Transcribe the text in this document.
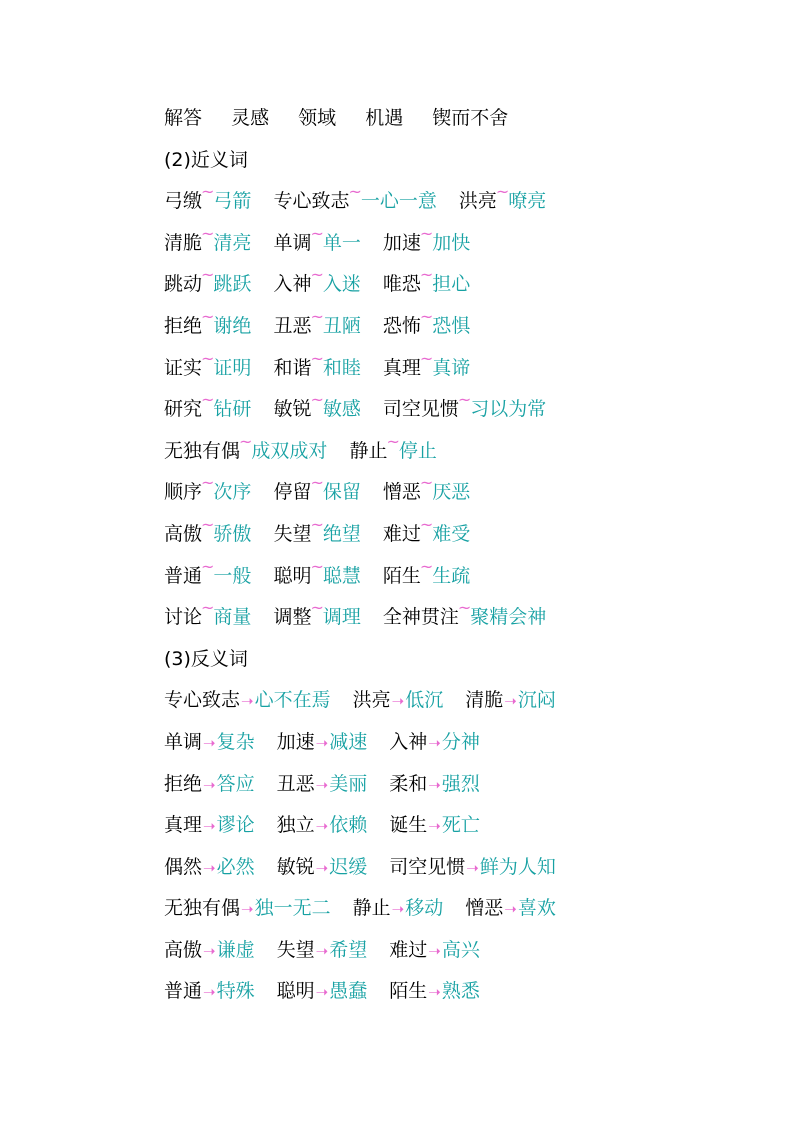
解答 灵感 领域 机遇 锲而不舍
(2)近义词
弓缴~弓箭 专心致志~一心一意 洪亮~嘹亮
清脆~清亮 单调~单一 加速~加快
跳动~跳跃 入神~入迷 唯恐~担心
拒绝~谢绝 丑恶~丑陋 恐怖~恐惧
证实~证明 和谐~和睦 真理~真谛
研究~钻研 敏锐~敏感 司空见惯~习以为常
无独有偶~成双成对 静止~停止
顺序~次序 停留~保留 憎恶~厌恶
高傲~骄傲 失望~绝望 难过~难受
普通~一般 聪明~聪慧 陌生~生疏
讨论~商量 调整~调理 全神贯注~聚精会神
(3)反义词
专心致志➝心不在焉 洪亮➝低沉 清脆➝沉闷
单调➝复杂 加速➝减速 入神➝分神
拒绝➝答应 丑恶➝美丽 柔和➝强烈
真理➝谬论 独立➝依赖 诞生➝死亡
偶然➝必然 敏锐➝迟缓 司空见惯➝鲜为人知
无独有偶➝独一无二 静止➝移动 憎恶➝喜欢
高傲➝谦虚 失望➝希望 难过➝高兴
普通➝特殊 聪明➝愚蠢 陌生➝熟悉
